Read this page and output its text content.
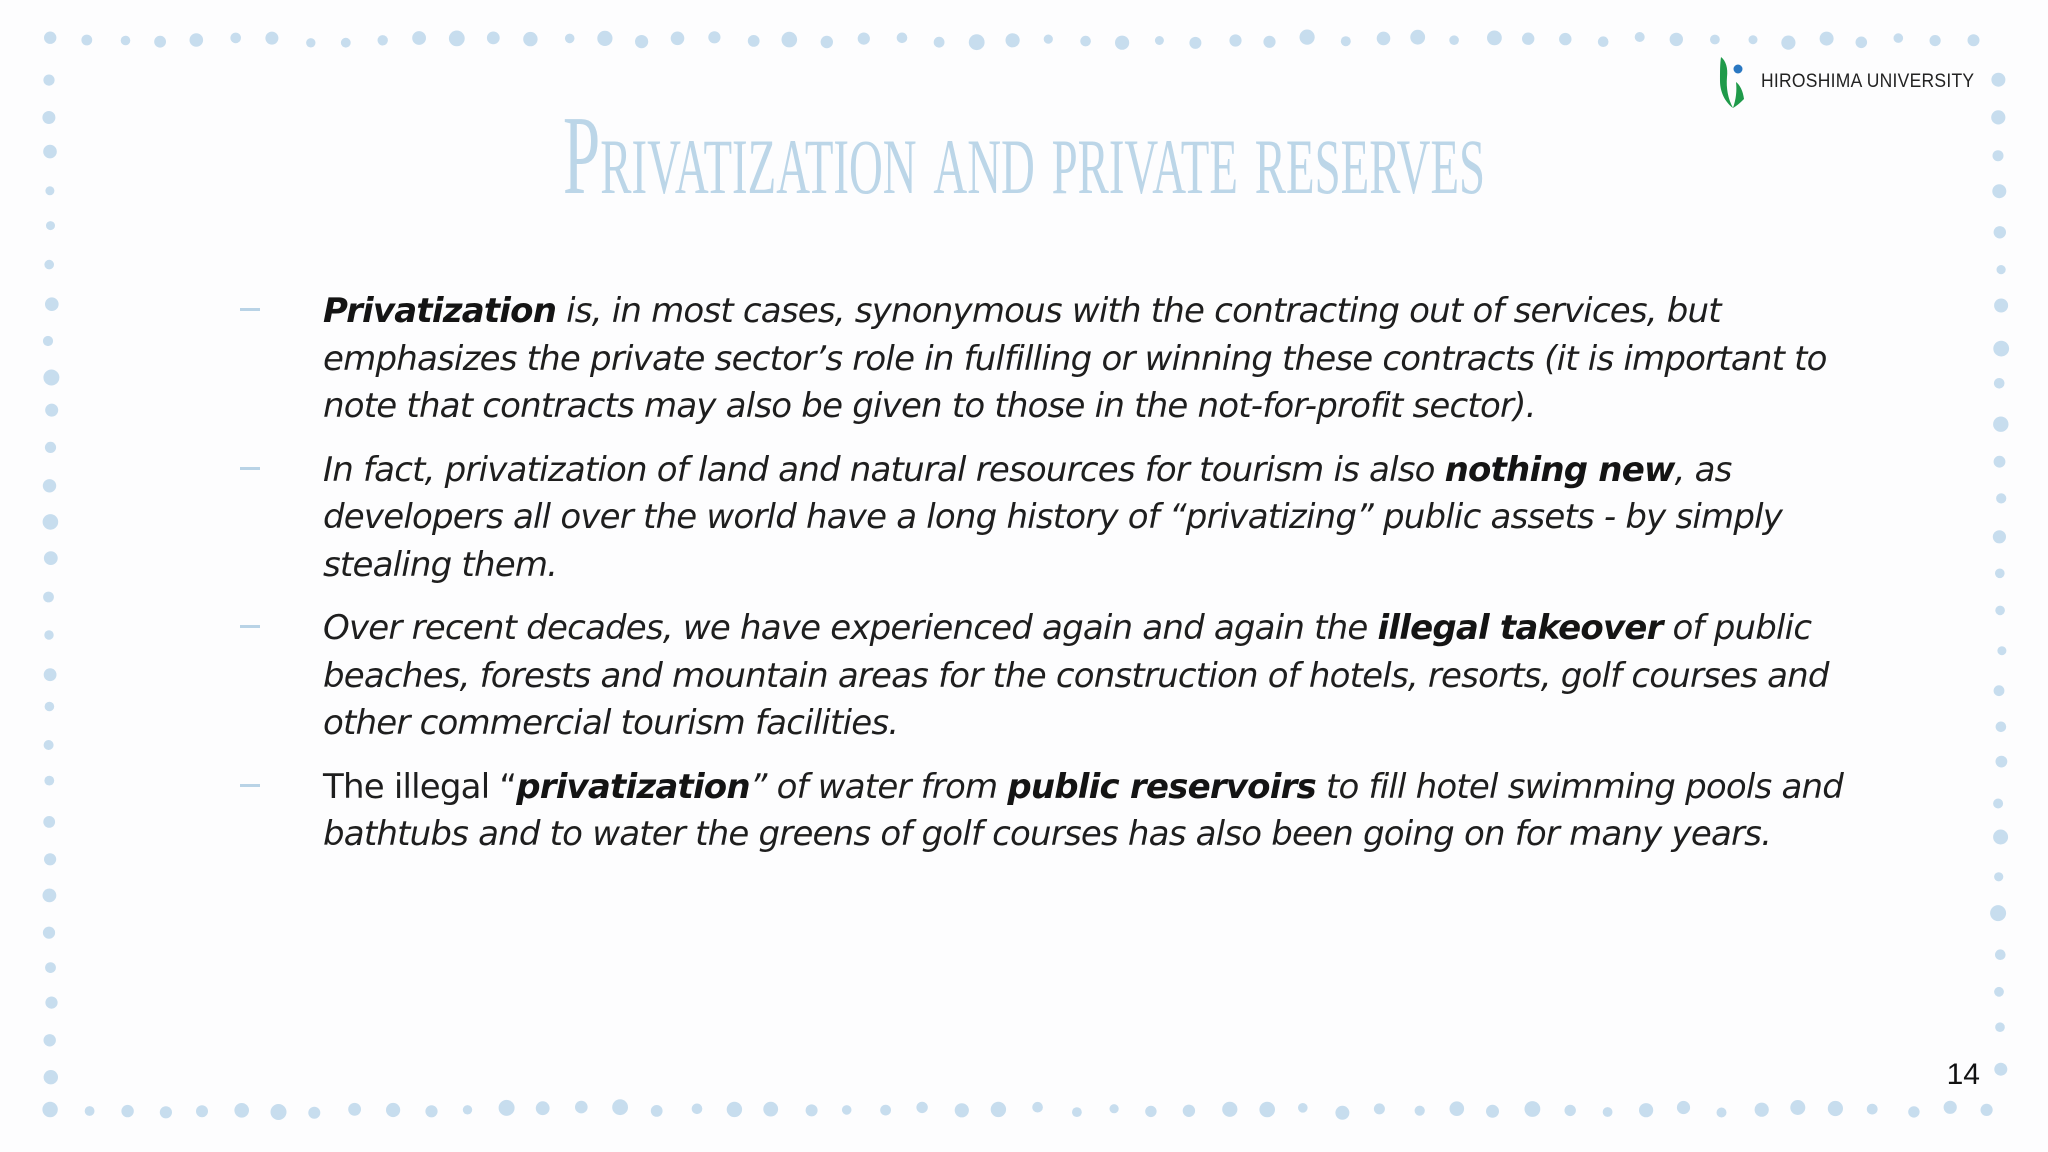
HIROSHIMA UNIVERSITY
Privatization and private reserves
Privatization is, in most cases, synonymous with the contracting out of services, but emphasizes the private sector’s role in fulfilling or winning these contracts (it is important to note that contracts may also be given to those in the not-for-profit sector).
In fact, privatization of land and natural resources for tourism is also nothing new, as developers all over the world have a long history of “privatizing” public assets - by simply stealing them.
Over recent decades, we have experienced again and again the illegal takeover of public beaches, forests and mountain areas for the construction of hotels, resorts, golf courses and other commercial tourism facilities.
The illegal “privatization” of water from public reservoirs to fill hotel swimming pools and bathtubs and to water the greens of golf courses has also been going on for many years.
14
